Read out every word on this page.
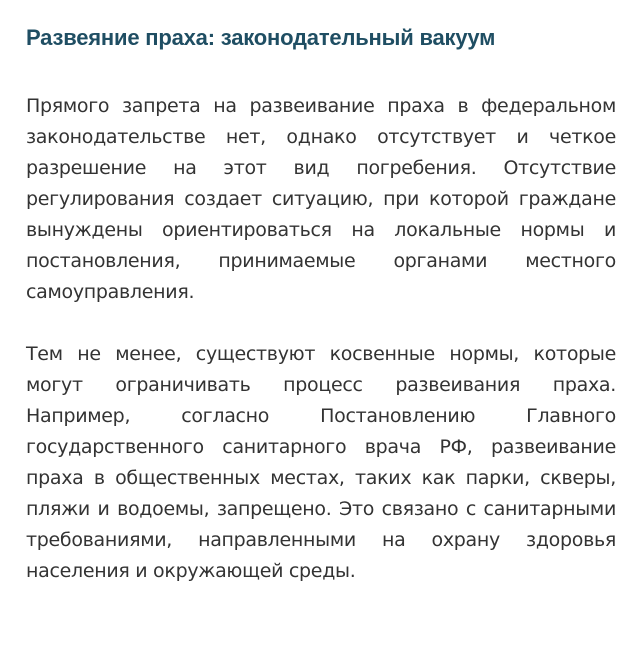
Развеяние праха: законодательный вакуум

Прямого запрета на развеивание праха в федеральном законодательстве нет, однако отсутствует и четкое разрешение на этот вид погребения. Отсутствие регулирования создает ситуацию, при которой граждане вынуждены ориентироваться на локальные нормы и постановления, принимаемые органами местного самоуправления.

Тем не менее, существуют косвенные нормы, которые могут ограничивать процесс развеивания праха. Например, согласно Постановлению Главного государственного санитарного врача РФ, развеивание праха в общественных местах, таких как парки, скверы, пляжи и водоемы, запрещено. Это связано с санитарными требованиями, направленными на охрану здоровья населения и окружающей среды.
